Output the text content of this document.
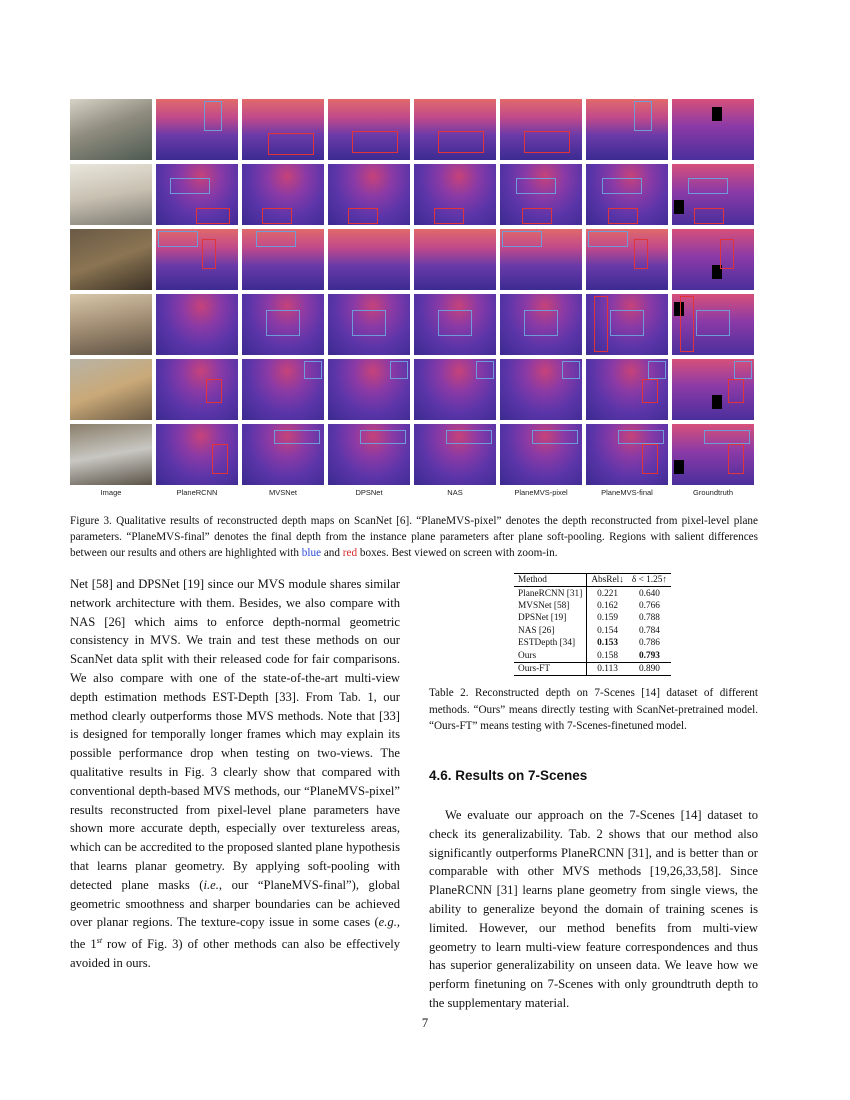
Image	PlaneRCNN	MVSNet	DPSNet	NAS	PlaneMVS-pixel	PlaneMVS-final	Groundtruth
Figure 3. Qualitative results of reconstructed depth maps on ScanNet [6]. “PlaneMVS-pixel” denotes the depth reconstructed from pixel-level plane parameters. “PlaneMVS-final” denotes the final depth from the instance plane parameters after plane soft-pooling. Regions with salient differences between our results and others are highlighted with blue and red boxes. Best viewed on screen with zoom-in.

Net [58] and DPSNet [19] since our MVS module shares similar network architecture with them. Besides, we also compare with NAS [26] which aims to enforce depth-normal geometric consistency in MVS. We train and test these methods on our ScanNet data split with their released code for fair comparisons. We also compare with one of the state-of-the-art multi-view depth estimation methods EST-Depth [33]. From Tab. 1, our method clearly outperforms those MVS methods. Note that [33] is designed for temporally longer frames which may explain its possible performance drop when testing on two-views. The qualitative results in Fig. 3 clearly show that compared with conventional depth-based MVS methods, our “PlaneMVS-pixel” results reconstructed from pixel-level plane parameters have shown more accurate depth, especially over textureless areas, which can be accredited to the proposed slanted plane hypothesis that learns planar geometry. By applying soft-pooling with detected plane masks (i.e., our “PlaneMVS-final”), global geometric smoothness and sharper boundaries can be achieved over planar regions. The texture-copy issue in some cases (e.g., the 1st row of Fig. 3) of other methods can also be effectively avoided in ours.

Method	AbsRel↓	δ < 1.25↑
PlaneRCNN [31]	0.221	0.640
MVSNet [58]	0.162	0.766
DPSNet [19]	0.159	0.788
NAS [26]	0.154	0.784
ESTDepth [34]	0.153	0.786
Ours	0.158	0.793
Ours-FT	0.113	0.890
Table 2. Reconstructed depth on 7-Scenes [14] dataset of different methods. “Ours” means directly testing with ScanNet-pretrained model. “Ours-FT” means testing with 7-Scenes-finetuned model.
4.6. Results on 7-Scenes

We evaluate our approach on the 7-Scenes [14] dataset to check its generalizability. Tab. 2 shows that our method also significantly outperforms PlaneRCNN [31], and is better than or comparable with other MVS methods [19,26,33,58]. Since PlaneRCNN [31] learns plane geometry from single views, the ability to generalize beyond the domain of training scenes is limited. However, our method benefits from multi-view geometry to learn multi-view feature correspondences and thus has superior generalizability on unseen data. We leave how we perform finetuning on 7-Scenes with only groundtruth depth to the supplementary material.

7
